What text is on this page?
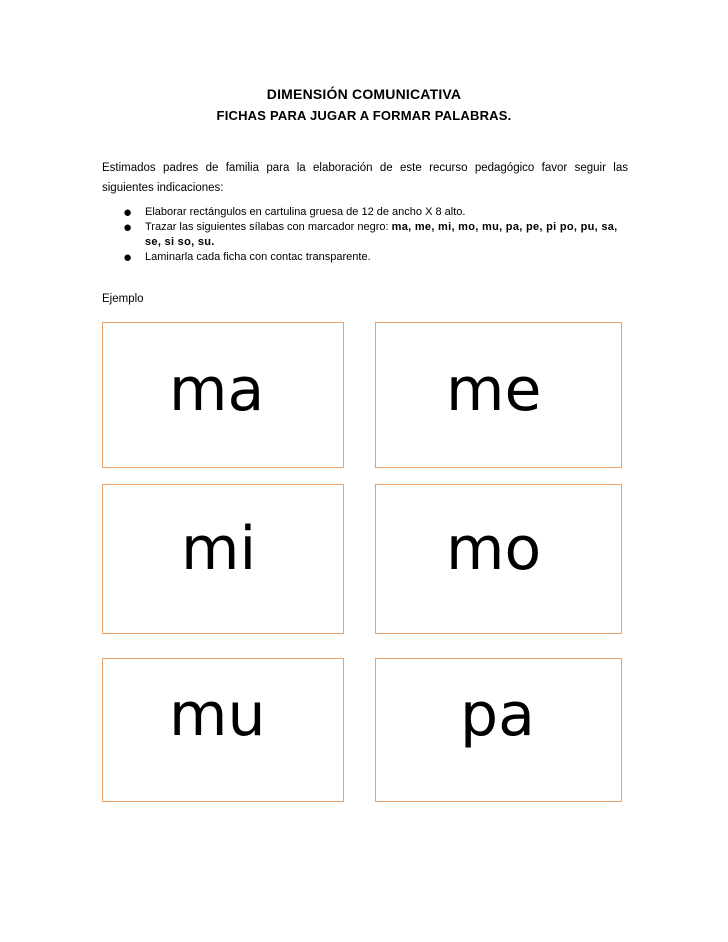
DIMENSIÓN COMUNICATIVA
FICHAS PARA JUGAR A FORMAR PALABRAS.

Estimados padres de familia para la elaboración de este recurso pedagógico favor seguir las siguientes indicaciones:

● Elaborar rectángulos en cartulina gruesa de 12 de ancho X 8 alto.
● Trazar las siguientes sílabas con marcador negro: ma, me, mi, mo, mu, pa, pe, pi po, pu, sa, se, si so, su.
● Laminarla cada ficha con contac transparente.
Ejemplo
ma	me
mi	mo
mu	pa
